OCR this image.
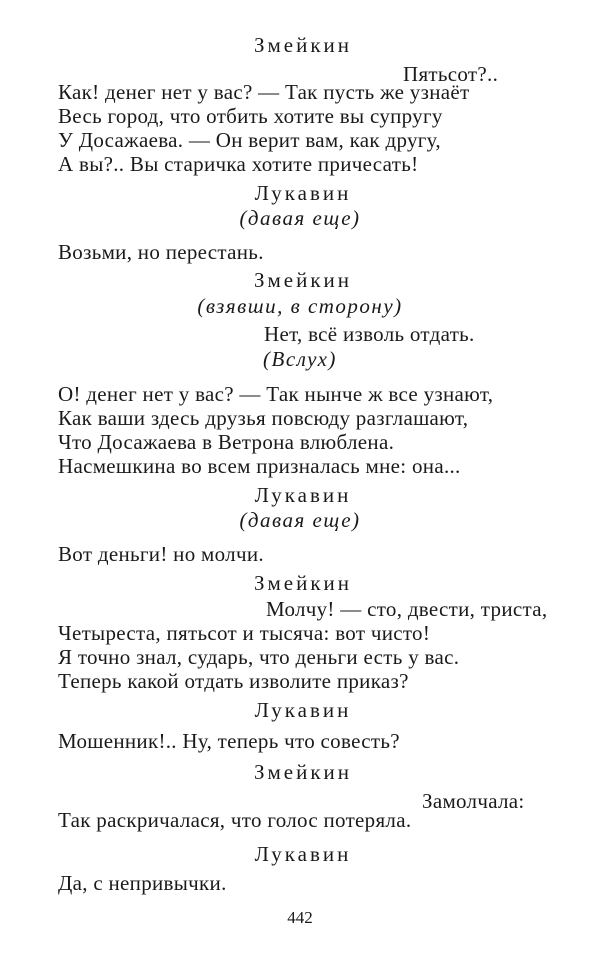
Змейкин

Пятьсот?..

Как! денег нет у вас? — Так пусть же узнаёт

Весь город, что отбить хотите вы супругу

У Досажаева. — Он верит вам, как другу,

А вы?.. Вы старичка хотите причесать!

Лукавин

(давая еще)

Возьми, но перестань.

Змейкин

(взявши, в сторону)

Нет, всё изволь отдать.

(Вслух)

О! денег нет у вас? — Так нынче ж все узнают,

Как ваши здесь друзья повсюду разглашают,

Что Досажаева в Ветрона влюблена.

Насмешкина во всем призналась мне: она...

Лукавин

(давая еще)

Вот деньги! но молчи.

Змейкин

Молчу! — сто, двести, триста,

Четыреста, пятьсот и тысяча: вот чисто!

Я точно знал, сударь, что деньги есть у вас.

Теперь какой отдать изволите приказ?

Лукавин

Мошенник!.. Ну, теперь что совесть?

Змейкин

Замолчала:

Так раскричалася, что голос потеряла.

Лукавин

Да, с непривычки.

442
